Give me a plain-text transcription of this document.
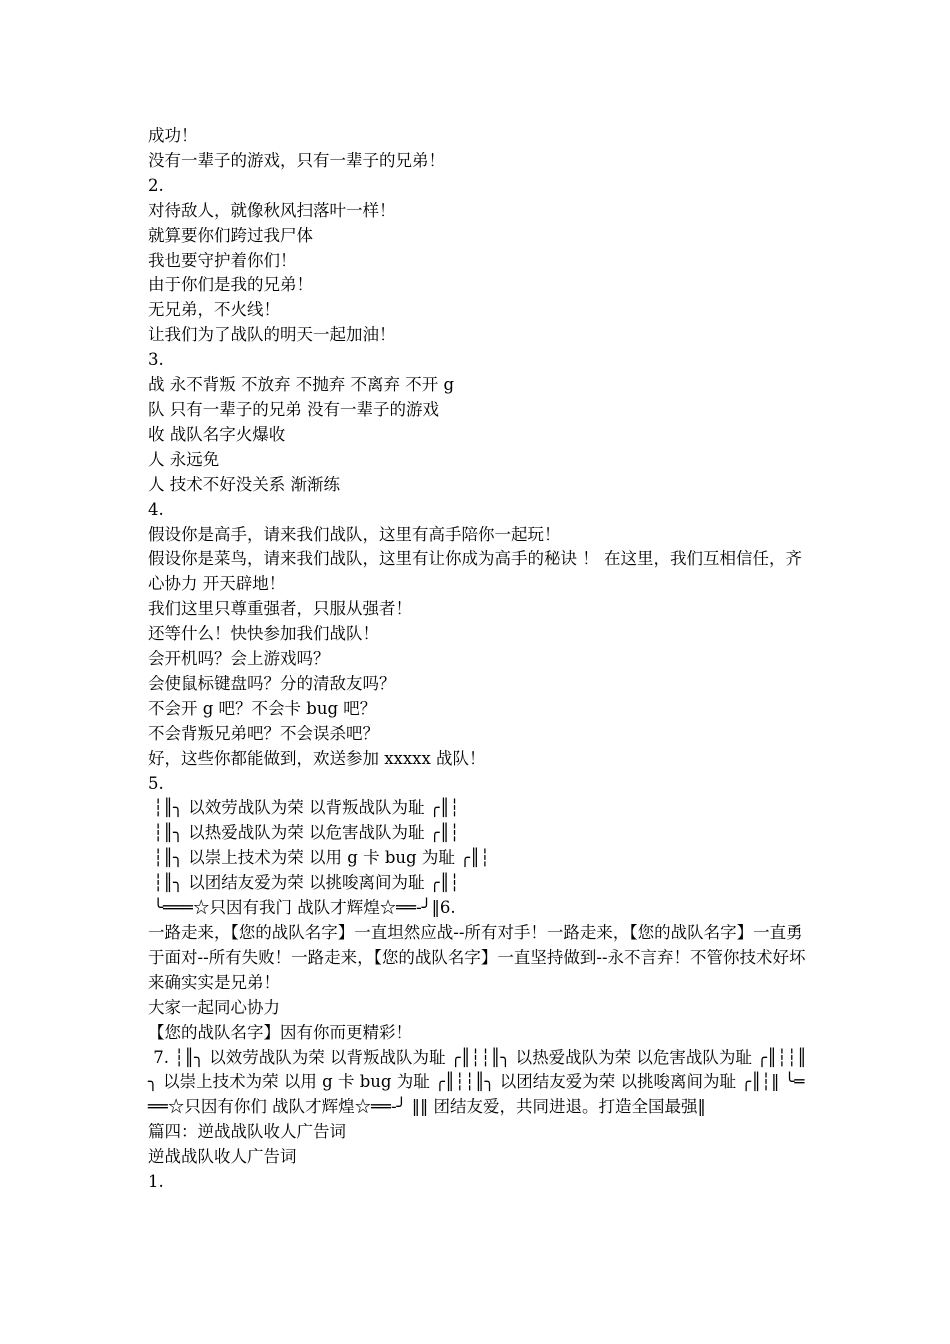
成功！

没有一辈子的游戏，只有一辈子的兄弟！

2.

对待敌人，就像秋风扫落叶一样！

就算要你们跨过我尸体

我也要守护着你们！

由于你们是我的兄弟！

无兄弟，不火线！

让我们为了战队的明天一起加油！

3.

战 永不背叛 不放弃 不抛弃 不离弃 不开 g

队 只有一辈子的兄弟 没有一辈子的游戏

收 战队名字火爆收

人 永远免

人 技术不好没关系 渐渐练

4.

假设你是高手，请来我们战队，这里有高手陪你一起玩！

假设你是菜鸟，请来我们战队，这里有让你成为高手的秘诀 ！ 在这里，我们互相信任，齐心协力 开天辟地！

我们这里只尊重强者，只服从强者！

还等什么！快快参加我们战队！

会开机吗？会上游戏吗？

会使鼠标键盘吗？分的清敌友吗？

不会开 g 吧？不会卡 bug 吧？

不会背叛兄弟吧？不会误杀吧？

好，这些你都能做到，欢送参加 xxxxx 战队！

5.

┆║╮ 以效劳战队为荣 以背叛战队为耻 ╭║┆

┆║╮ 以热爱战队为荣 以危害战队为耻 ╭║┆

┆║╮ 以崇上技术为荣 以用 g 卡 bug 为耻 ╭║┆

┆║╮ 以团结友爱为荣 以挑唆离间为耻 ╭║┆

╰═══☆只因有我门 战队才辉煌☆══-╯‖6.

一路走来，【您的战队名字】一直坦然应战--所有对手！一路走来，【您的战队名字】一直勇于面对--所有失败！一路走来，【您的战队名字】一直坚持做到--永不言弃！不管你技术好坏 来确实实是兄弟！

大家一起同心协力

【您的战队名字】因有你而更精彩！

7. ┆║╮ 以效劳战队为荣 以背叛战队为耻 ╭║┆┆║╮ 以热爱战队为荣 以危害战队为耻 ╭║┆┆║╮ 以崇上技术为荣 以用 g 卡 bug 为耻 ╭║┆┆║╮ 以团结友爱为荣 以挑唆离间为耻 ╭║┆‖ ╰═══☆只因有你们 战队才辉煌☆══-╯ ‖‖ 团结友爱，共同进退。打造全国最强‖

篇四：逆战战队收人广告词

逆战战队收人广告词

1.
